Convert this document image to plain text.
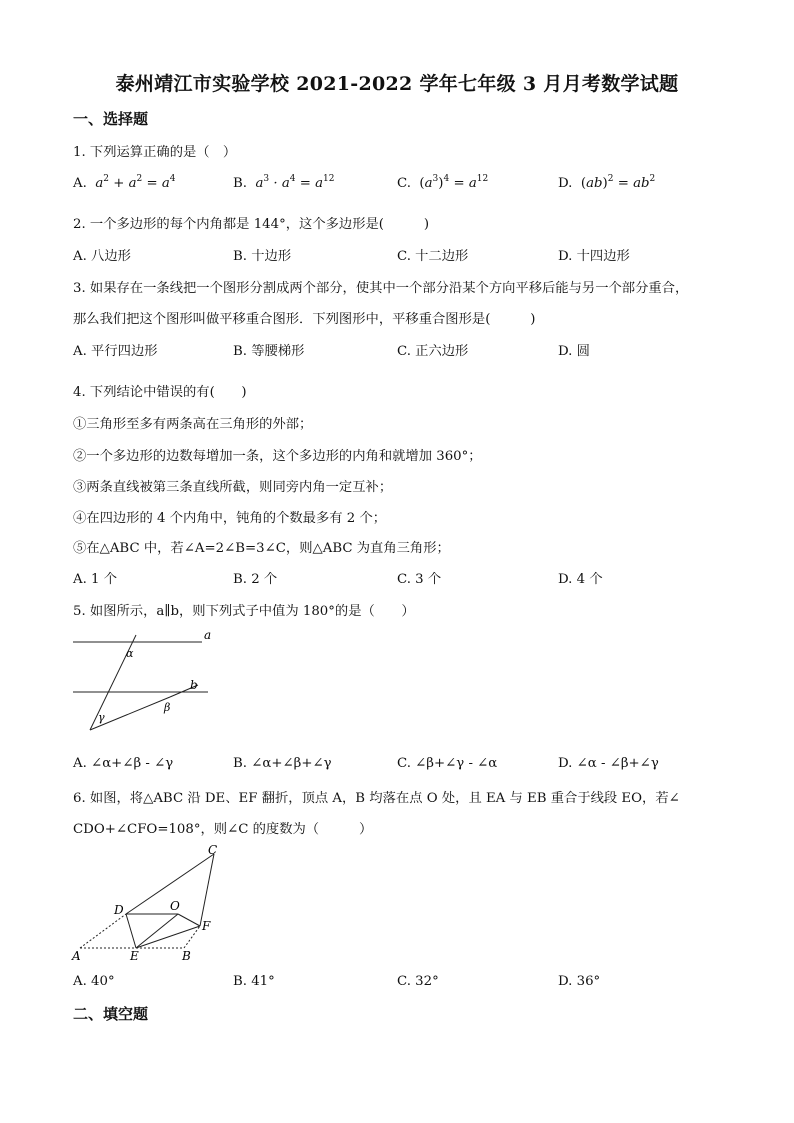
泰州靖江市实验学校 2021-2022 学年七年级 3 月月考数学试题
一、选择题
1. 下列运算正确的是（　）
A. $a^2 + a^2 = a^4$	B. $a^3 \cdot a^4 = a^{12}$	C. $(a^3)^4 = a^{12}$	D. $(ab)^2 = ab^2$
2. 一个多边形的每个内角都是 144°，这个多边形是(　　　)
A. 八边形	B. 十边形	C. 十二边形	D. 十四边形
3. 如果存在一条线把一个图形分割成两个部分，使其中一个部分沿某个方向平移后能与另一个部分重合，
那么我们把这个图形叫做平移重合图形．下列图形中，平移重合图形是(　　　)
A. 平行四边形	B. 等腰梯形	C. 正六边形	D. 圆
4. 下列结论中错误的有(　　)
①三角形至多有两条高在三角形的外部；
②一个多边形的边数每增加一条，这个多边形的内角和就增加 360°；
③两条直线被第三条直线所截，则同旁内角一定互补；
④在四边形的 4 个内角中，钝角的个数最多有 2 个；
⑤在△ABC 中，若∠A=2∠B=3∠C，则△ABC 为直角三角形；
A. 1 个	B. 2 个	C. 3 个	D. 4 个
5. 如图所示，a∥b，则下列式子中值为 180°的是（　　）
a
b
α
β
γ
A. ∠α+∠β - ∠γ	B. ∠α+∠β+∠γ	C. ∠β+∠γ - ∠α	D. ∠α - ∠β+∠γ
6. 如图，将△ABC 沿 DE、EF 翻折，顶点 A，B 均落在点 O 处，且 EA 与 EB 重合于线段 EO，若∠
CDO+∠CFO=108°，则∠C 的度数为（　　　）
C
D	O
F
A	E	B
A. 40°	B. 41°	C. 32°	D. 36°
二、填空题
